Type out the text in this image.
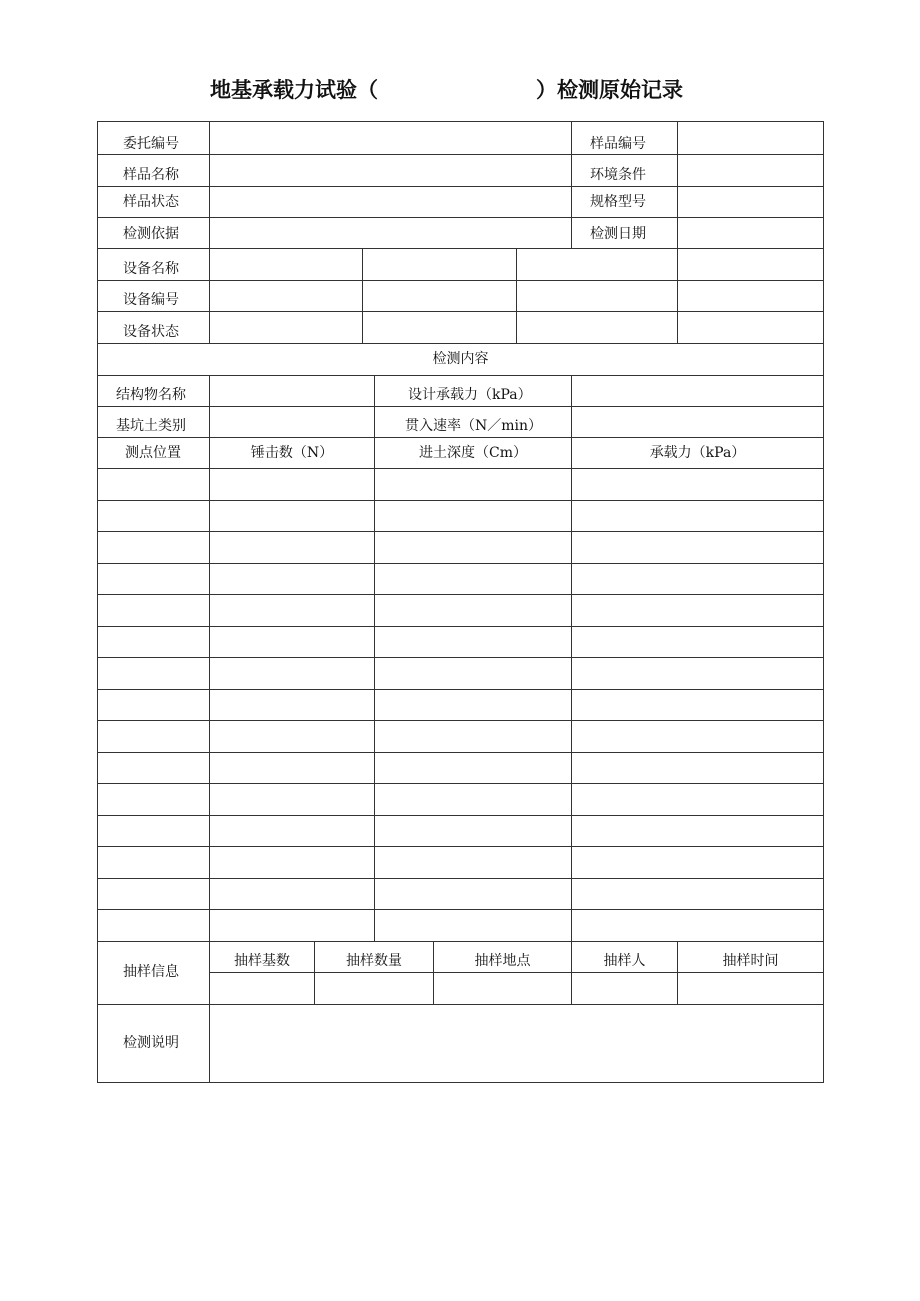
地基承载力试验（	）检测原始记录
委托编号	样品编号
样品名称	环境条件
样品状态	规格型号
检测依据	检测日期
设备名称
设备编号
设备状态
检测内容
结构物名称	设计承载力（kPa）
基坑土类别	贯入速率（N／min）
测点位置	锤击数（N）	进土深度（Cm）	承载力（kPa）
抽样信息
抽样基数	抽样数量	抽样地点	抽样人	抽样时间
检测说明
